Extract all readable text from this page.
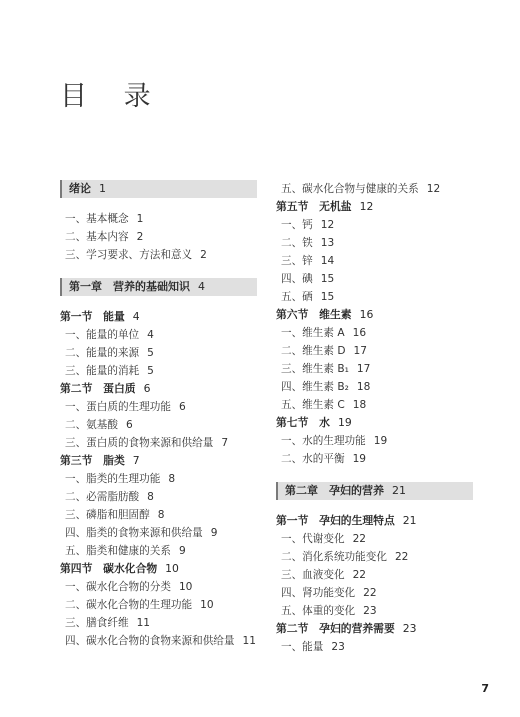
目 录
绪论 1
一、基本概念 1
二、基本内容 2
三、学习要求、方法和意义 2
第一章　营养的基础知识 4
第一节　能量 4
一、能量的单位 4
二、能量的来源 5
三、能量的消耗 5
第二节　蛋白质 6
一、蛋白质的生理功能 6
二、氨基酸 6
三、蛋白质的食物来源和供给量 7
第三节　脂类 7
一、脂类的生理功能 8
二、必需脂肪酸 8
三、磷脂和胆固醇 8
四、脂类的食物来源和供给量 9
五、脂类和健康的关系 9
第四节　碳水化合物 10
一、碳水化合物的分类 10
二、碳水化合物的生理功能 10
三、膳食纤维 11
四、碳水化合物的食物来源和供给量 11
五、碳水化合物与健康的关系 12
第五节　无机盐 12
一、钙 12
二、铁 13
三、锌 14
四、碘 15
五、硒 15
第六节　维生素 16
一、维生素 A 16
二、维生素 D 17
三、维生素 B₁ 17
四、维生素 B₂ 18
五、维生素 C 18
第七节　水 19
一、水的生理功能 19
二、水的平衡 19
第二章　孕妇的营养 21
第一节　孕妇的生理特点 21
一、代谢变化 22
二、消化系统功能变化 22
三、血液变化 22
四、肾功能变化 22
五、体重的变化 23
第二节　孕妇的营养需要 23
一、能量 23
7
